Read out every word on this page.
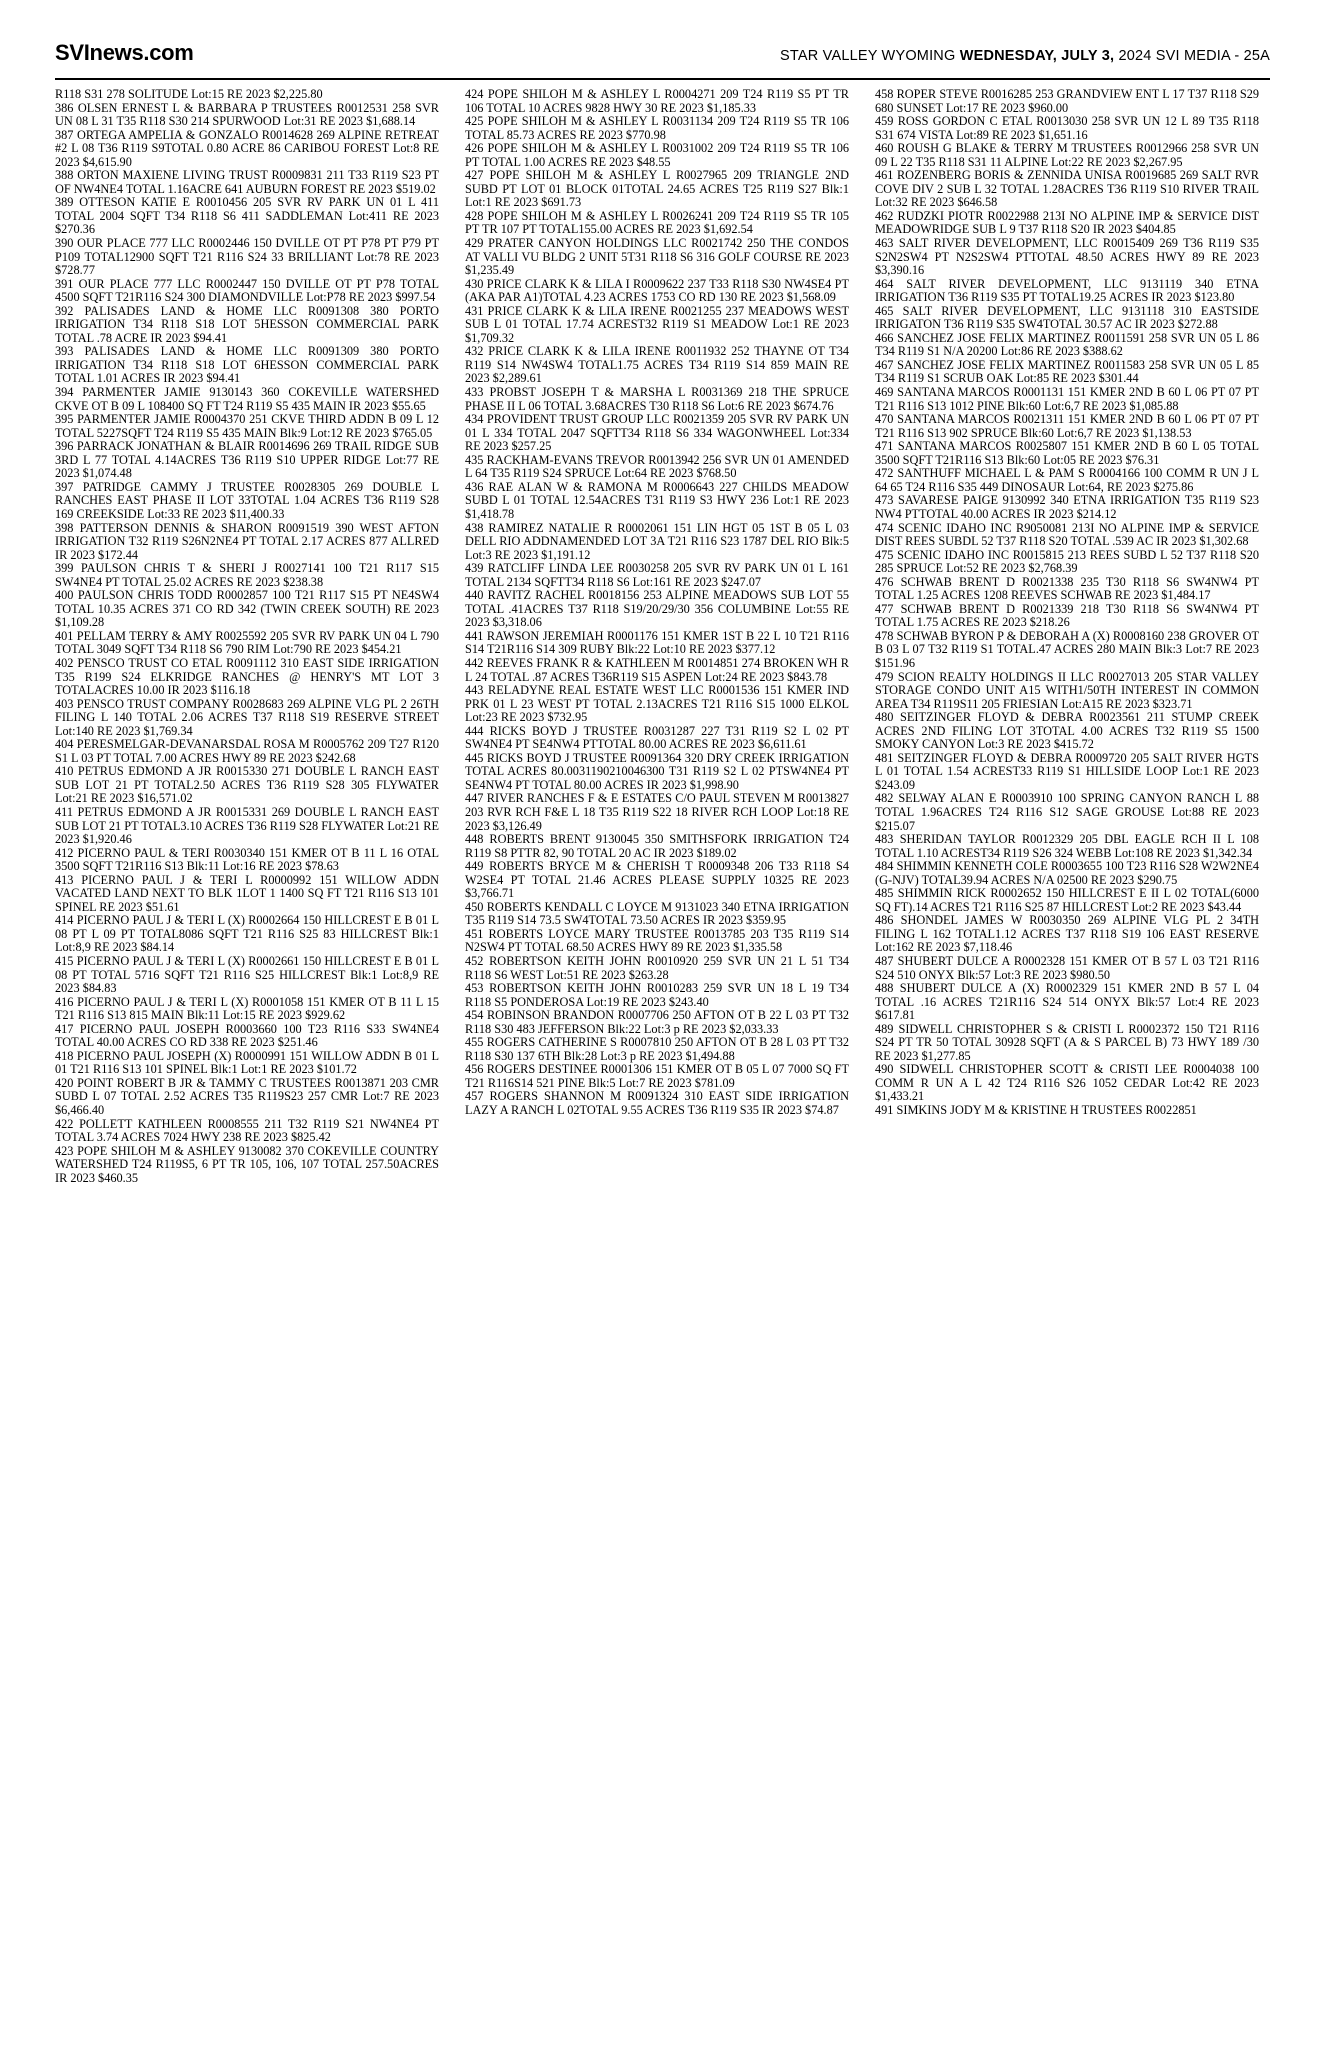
SVInews.com	STAR VALLEY WYOMING WEDNESDAY, JULY 3, 2024 SVI MEDIA - 25A

R118 S31 278 SOLITUDE Lot:15 RE 2023 $2,225.80

386 OLSEN ERNEST L & BARBARA P TRUSTEES R0012531 258 SVR UN 08 L 31 T35 R118 S30 214 SPURWOOD Lot:31 RE 2023 $1,688.14

387 ORTEGA AMPELIA & GONZALO R0014628 269 ALPINE RETREAT #2 L 08 T36 R119 S9TOTAL 0.80 ACRE 86 CARIBOU FOREST Lot:8 RE 2023 $4,615.90

388 ORTON MAXIENE LIVING TRUST R0009831 211 T33 R119 S23 PT OF NW4NE4 TOTAL 1.16ACRE 641 AUBURN FOREST RE 2023 $519.02

389 OTTESON KATIE E R0010456 205 SVR RV PARK UN 01 L 411 TOTAL 2004 SQFT T34 R118 S6 411 SADDLEMAN Lot:411 RE 2023 $270.36

390 OUR PLACE 777 LLC R0002446 150 DVILLE OT PT P78 PT P79 PT P109 TOTAL12900 SQFT T21 R116 S24 33 BRILLIANT Lot:78 RE 2023 $728.77

391 OUR PLACE 777 LLC R0002447 150 DVILLE OT PT P78 TOTAL 4500 SQFT T21R116 S24 300 DIAMONDVILLE Lot:P78 RE 2023 $997.54

392 PALISADES LAND & HOME LLC R0091308 380 PORTO IRRIGATION T34 R118 S18 LOT 5HESSON COMMERCIAL PARK TOTAL .78 ACRE IR 2023 $94.41

393 PALISADES LAND & HOME LLC R0091309 380 PORTO IRRIGATION T34 R118 S18 LOT 6HESSON COMMERCIAL PARK TOTAL 1.01 ACRES IR 2023 $94.41

394 PARMENTER JAMIE 9130143 360 COKEVILLE WATERSHED CKVE OT B 09 L 108400 SQ FT T24 R119 S5 435 MAIN IR 2023 $55.65

395 PARMENTER JAMIE R0004370 251 CKVE THIRD ADDN B 09 L 12 TOTAL 5227SQFT T24 R119 S5 435 MAIN Blk:9 Lot:12 RE 2023 $765.05

396 PARRACK JONATHAN & BLAIR R0014696 269 TRAIL RIDGE SUB 3RD L 77 TOTAL 4.14ACRES T36 R119 S10 UPPER RIDGE Lot:77 RE 2023 $1,074.48

397 PATRIDGE CAMMY J TRUSTEE R0028305 269 DOUBLE L RANCHES EAST PHASE II LOT 33TOTAL 1.04 ACRES T36 R119 S28 169 CREEKSIDE Lot:33 RE 2023 $11,400.33

398 PATTERSON DENNIS & SHARON R0091519 390 WEST AFTON IRRIGATION T32 R119 S26N2NE4 PT TOTAL 2.17 ACRES 877 ALLRED IR 2023 $172.44

399 PAULSON CHRIS T & SHERI J R0027141 100 T21 R117 S15 SW4NE4 PT TOTAL 25.02 ACRES RE 2023 $238.38

400 PAULSON CHRIS TODD R0002857 100 T21 R117 S15 PT NE4SW4 TOTAL 10.35 ACRES 371 CO RD 342 (TWIN CREEK SOUTH) RE 2023 $1,109.28

401 PELLAM TERRY & AMY R0025592 205 SVR RV PARK UN 04 L 790 TOTAL 3049 SQFT T34 R118 S6 790 RIM Lot:790 RE 2023 $454.21

402 PENSCO TRUST CO ETAL R0091112 310 EAST SIDE IRRIGATION T35 R199 S24 ELKRIDGE RANCHES @ HENRY'S MT LOT 3 TOTALACRES 10.00 IR 2023 $116.18

403 PENSCO TRUST COMPANY R0028683 269 ALPINE VLG PL 2 26TH FILING L 140 TOTAL 2.06 ACRES T37 R118 S19 RESERVE STREET Lot:140 RE 2023 $1,769.34

404 PERESMELGAR-DEVANARSDAL ROSA M R0005762 209 T27 R120 S1 L 03 PT TOTAL 7.00 ACRES HWY 89 RE 2023 $242.68

410 PETRUS EDMOND A JR R0015330 271 DOUBLE L RANCH EAST SUB LOT 21 PT TOTAL2.50 ACRES T36 R119 S28 305 FLYWATER Lot:21 RE 2023 $16,571.02

411 PETRUS EDMOND A JR R0015331 269 DOUBLE L RANCH EAST SUB LOT 21 PT TOTAL3.10 ACRES T36 R119 S28 FLYWATER Lot:21 RE 2023 $1,920.46

412 PICERNO PAUL & TERI R0030340 151 KMER OT B 11 L 16 OTAL 3500 SQFT T21R116 S13 Blk:11 Lot:16 RE 2023 $78.63

413 PICERNO PAUL J & TERI L R0000992 151 WILLOW ADDN VACATED LAND NEXT TO BLK 1LOT 1 1400 SQ FT T21 R116 S13 101 SPINEL RE 2023 $51.61

414 PICERNO PAUL J & TERI L (X) R0002664 150 HILLCREST E B 01 L 08 PT L 09 PT TOTAL8086 SQFT T21 R116 S25 83 HILLCREST Blk:1 Lot:8,9 RE 2023 $84.14

415 PICERNO PAUL J & TERI L (X) R0002661 150 HILLCREST E B 01 L 08 PT TOTAL 5716 SQFT T21 R116 S25 HILLCREST Blk:1 Lot:8,9 RE 2023 $84.83

416 PICERNO PAUL J & TERI L (X) R0001058 151 KMER OT B 11 L 15 T21 R116 S13 815 MAIN Blk:11 Lot:15 RE 2023 $929.62

417 PICERNO PAUL JOSEPH R0003660 100 T23 R116 S33 SW4NE4 TOTAL 40.00 ACRES CO RD 338 RE 2023 $251.46

418 PICERNO PAUL JOSEPH (X) R0000991 151 WILLOW ADDN B 01 L 01 T21 R116 S13 101 SPINEL Blk:1 Lot:1 RE 2023 $101.72

420 POINT ROBERT B JR & TAMMY C TRUSTEES R0013871 203 CMR SUBD L 07 TOTAL 2.52 ACRES T35 R119S23 257 CMR Lot:7 RE 2023 $6,466.40

422 POLLETT KATHLEEN R0008555 211 T32 R119 S21 NW4NE4 PT TOTAL 3.74 ACRES 7024 HWY 238 RE 2023 $825.42

423 POPE SHILOH M & ASHLEY 9130082 370 COKEVILLE COUNTRY WATERSHED T24 R119S5, 6 PT TR 105, 106, 107 TOTAL 257.50ACRES IR 2023 $460.35

424 POPE SHILOH M & ASHLEY L R0004271 209 T24 R119 S5 PT TR 106 TOTAL 10 ACRES 9828 HWY 30 RE 2023 $1,185.33

425 POPE SHILOH M & ASHLEY L R0031134 209 T24 R119 S5 TR 106 TOTAL 85.73 ACRES RE 2023 $770.98

426 POPE SHILOH M & ASHLEY L R0031002 209 T24 R119 S5 TR 106 PT TOTAL 1.00 ACRES RE 2023 $48.55

427 POPE SHILOH M & ASHLEY L R0027965 209 TRIANGLE 2ND SUBD PT LOT 01 BLOCK 01TOTAL 24.65 ACRES T25 R119 S27 Blk:1 Lot:1 RE 2023 $691.73

428 POPE SHILOH M & ASHLEY L R0026241 209 T24 R119 S5 TR 105 PT TR 107 PT TOTAL155.00 ACRES RE 2023 $1,692.54

429 PRATER CANYON HOLDINGS LLC R0021742 250 THE CONDOS AT VALLI VU BLDG 2 UNIT 5T31 R118 S6 316 GOLF COURSE RE 2023 $1,235.49

430 PRICE CLARK K & LILA I R0009622 237 T33 R118 S30 NW4SE4 PT (AKA PAR A1)TOTAL 4.23 ACRES 1753 CO RD 130 RE 2023 $1,568.09

431 PRICE CLARK K & LILA IRENE R0021255 237 MEADOWS WEST SUB L 01 TOTAL 17.74 ACREST32 R119 S1 MEADOW Lot:1 RE 2023 $1,709.32

432 PRICE CLARK K & LILA IRENE R0011932 252 THAYNE OT T34 R119 S14 NW4SW4 TOTAL1.75 ACRES T34 R119 S14 859 MAIN RE 2023 $2,289.61

433 PROBST JOSEPH T & MARSHA L R0031369 218 THE SPRUCE PHASE II L 06 TOTAL 3.68ACRES T30 R118 S6 Lot:6 RE 2023 $674.76

434 PROVIDENT TRUST GROUP LLC R0021359 205 SVR RV PARK UN 01 L 334 TOTAL 2047 SQFTT34 R118 S6 334 WAGONWHEEL Lot:334 RE 2023 $257.25

435 RACKHAM-EVANS TREVOR R0013942 256 SVR UN 01 AMENDED L 64 T35 R119 S24 SPRUCE Lot:64 RE 2023 $768.50

436 RAE ALAN W & RAMONA M R0006643 227 CHILDS MEADOW SUBD L 01 TOTAL 12.54ACRES T31 R119 S3 HWY 236 Lot:1 RE 2023 $1,418.78

438 RAMIREZ NATALIE R R0002061 151 LIN HGT 05 1ST B 05 L 03 DELL RIO ADDNAMENDED LOT 3A T21 R116 S23 1787 DEL RIO Blk:5 Lot:3 RE 2023 $1,191.12

439 RATCLIFF LINDA LEE R0030258 205 SVR RV PARK UN 01 L 161 TOTAL 2134 SQFTT34 R118 S6 Lot:161 RE 2023 $247.07

440 RAVITZ RACHEL R0018156 253 ALPINE MEADOWS SUB LOT 55 TOTAL .41ACRES T37 R118 S19/20/29/30 356 COLUMBINE Lot:55 RE 2023 $3,318.06

441 RAWSON JEREMIAH R0001176 151 KMER 1ST B 22 L 10 T21 R116 S14 T21R116 S14 309 RUBY Blk:22 Lot:10 RE 2023 $377.12

442 REEVES FRANK R & KATHLEEN M R0014851 274 BROKEN WH R L 24 TOTAL .87 ACRES T36R119 S15 ASPEN Lot:24 RE 2023 $843.78

443 RELADYNE REAL ESTATE WEST LLC R0001536 151 KMER IND PRK 01 L 23 WEST PT TOTAL 2.13ACRES T21 R116 S15 1000 ELKOL Lot:23 RE 2023 $732.95

444 RICKS BOYD J TRUSTEE R0031287 227 T31 R119 S2 L 02 PT SW4NE4 PT SE4NW4 PTTOTAL 80.00 ACRES RE 2023 $6,611.61

445 RICKS BOYD J TRUSTEE R0091364 320 DRY CREEK IRRIGATION TOTAL ACRES 80.0031190210046300 T31 R119 S2 L 02 PTSW4NE4 PT SE4NW4 PT TOTAL 80.00 ACRES IR 2023 $1,998.90

447 RIVER RANCHES F & E ESTATES C/O PAUL STEVEN M R0013827 203 RVR RCH F&E L 18 T35 R119 S22 18 RIVER RCH LOOP Lot:18 RE 2023 $3,126.49

448 ROBERTS BRENT 9130045 350 SMITHSFORK IRRIGATION T24 R119 S8 PTTR 82, 90 TOTAL 20 AC IR 2023 $189.02

449 ROBERTS BRYCE M & CHERISH T R0009348 206 T33 R118 S4 W2SE4 PT TOTAL 21.46 ACRES PLEASE SUPPLY 10325 RE 2023 $3,766.71

450 ROBERTS KENDALL C LOYCE M 9131023 340 ETNA IRRIGATION T35 R119 S14 73.5 SW4TOTAL 73.50 ACRES IR 2023 $359.95

451 ROBERTS LOYCE MARY TRUSTEE R0013785 203 T35 R119 S14 N2SW4 PT TOTAL 68.50 ACRES HWY 89 RE 2023 $1,335.58

452 ROBERTSON KEITH JOHN R0010920 259 SVR UN 21 L 51 T34 R118 S6 WEST Lot:51 RE 2023 $263.28

453 ROBERTSON KEITH JOHN R0010283 259 SVR UN 18 L 19 T34 R118 S5 PONDEROSA Lot:19 RE 2023 $243.40

454 ROBINSON BRANDON R0007706 250 AFTON OT B 22 L 03 PT T32 R118 S30 483 JEFFERSON Blk:22 Lot:3 p RE 2023 $2,033.33

455 ROGERS CATHERINE S R0007810 250 AFTON OT B 28 L 03 PT T32 R118 S30 137 6TH Blk:28 Lot:3 p RE 2023 $1,494.88

456 ROGERS DESTINEE R0001306 151 KMER OT B 05 L 07 7000 SQ FT T21 R116S14 521 PINE Blk:5 Lot:7 RE 2023 $781.09

457 ROGERS SHANNON M R0091324 310 EAST SIDE IRRIGATION LAZY A RANCH L 02TOTAL 9.55 ACRES T36 R119 S35 IR 2023 $74.87

458 ROPER STEVE R0016285 253 GRANDVIEW ENT L 17 T37 R118 S29 680 SUNSET Lot:17 RE 2023 $960.00

459 ROSS GORDON C ETAL R0013030 258 SVR UN 12 L 89 T35 R118 S31 674 VISTA Lot:89 RE 2023 $1,651.16

460 ROUSH G BLAKE & TERRY M TRUSTEES R0012966 258 SVR UN 09 L 22 T35 R118 S31 11 ALPINE Lot:22 RE 2023 $2,267.95

461 ROZENBERG BORIS & ZENNIDA UNISA R0019685 269 SALT RVR COVE DIV 2 SUB L 32 TOTAL 1.28ACRES T36 R119 S10 RIVER TRAIL Lot:32 RE 2023 $646.58

462 RUDZKI PIOTR R0022988 213I NO ALPINE IMP & SERVICE DIST MEADOWRIDGE SUB L 9 T37 R118 S20 IR 2023 $404.85

463 SALT RIVER DEVELOPMENT, LLC R0015409 269 T36 R119 S35 S2N2SW4 PT N2S2SW4 PTTOTAL 48.50 ACRES HWY 89 RE 2023 $3,390.16

464 SALT RIVER DEVELOPMENT, LLC 9131119 340 ETNA IRRIGATION T36 R119 S35 PT TOTAL19.25 ACRES IR 2023 $123.80

465 SALT RIVER DEVELOPMENT, LLC 9131118 310 EASTSIDE IRRIGATON T36 R119 S35 SW4TOTAL 30.57 AC IR 2023 $272.88

466 SANCHEZ JOSE FELIX MARTINEZ R0011591 258 SVR UN 05 L 86 T34 R119 S1 N/A 20200 Lot:86 RE 2023 $388.62

467 SANCHEZ JOSE FELIX MARTINEZ R0011583 258 SVR UN 05 L 85 T34 R119 S1 SCRUB OAK Lot:85 RE 2023 $301.44

469 SANTANA MARCOS R0001131 151 KMER 2ND B 60 L 06 PT 07 PT T21 R116 S13 1012 PINE Blk:60 Lot:6,7 RE 2023 $1,085.88

470 SANTANA MARCOS R0021311 151 KMER 2ND B 60 L 06 PT 07 PT T21 R116 S13 902 SPRUCE Blk:60 Lot:6,7 RE 2023 $1,138.53

471 SANTANA MARCOS R0025807 151 KMER 2ND B 60 L 05 TOTAL 3500 SQFT T21R116 S13 Blk:60 Lot:05 RE 2023 $76.31

472 SANTHUFF MICHAEL L & PAM S R0004166 100 COMM R UN J L 64 65 T24 R116 S35 449 DINOSAUR Lot:64, RE 2023 $275.86

473 SAVARESE PAIGE 9130992 340 ETNA IRRIGATION T35 R119 S23 NW4 PTTOTAL 40.00 ACRES IR 2023 $214.12

474 SCENIC IDAHO INC R9050081 213I NO ALPINE IMP & SERVICE DIST REES SUBDL 52 T37 R118 S20 TOTAL .539 AC IR 2023 $1,302.68

475 SCENIC IDAHO INC R0015815 213 REES SUBD L 52 T37 R118 S20 285 SPRUCE Lot:52 RE 2023 $2,768.39

476 SCHWAB BRENT D R0021338 235 T30 R118 S6 SW4NW4 PT TOTAL 1.25 ACRES 1208 REEVES SCHWAB RE 2023 $1,484.17

477 SCHWAB BRENT D R0021339 218 T30 R118 S6 SW4NW4 PT TOTAL 1.75 ACRES RE 2023 $218.26

478 SCHWAB BYRON P & DEBORAH A (X) R0008160 238 GROVER OT B 03 L 07 T32 R119 S1 TOTAL.47 ACRES 280 MAIN Blk:3 Lot:7 RE 2023 $151.96

479 SCION REALTY HOLDINGS II LLC R0027013 205 STAR VALLEY STORAGE CONDO UNIT A15 WITH1/50TH INTEREST IN COMMON AREA T34 R119S11 205 FRIESIAN Lot:A15 RE 2023 $323.71

480 SEITZINGER FLOYD & DEBRA R0023561 211 STUMP CREEK ACRES 2ND FILING LOT 3TOTAL 4.00 ACRES T32 R119 S5 1500 SMOKY CANYON Lot:3 RE 2023 $415.72

481 SEITZINGER FLOYD & DEBRA R0009720 205 SALT RIVER HGTS L 01 TOTAL 1.54 ACREST33 R119 S1 HILLSIDE LOOP Lot:1 RE 2023 $243.09

482 SELWAY ALAN E R0003910 100 SPRING CANYON RANCH L 88 TOTAL 1.96ACRES T24 R116 S12 SAGE GROUSE Lot:88 RE 2023 $215.07

483 SHERIDAN TAYLOR R0012329 205 DBL EAGLE RCH II L 108 TOTAL 1.10 ACREST34 R119 S26 324 WEBB Lot:108 RE 2023 $1,342.34

484 SHIMMIN KENNETH COLE R0003655 100 T23 R116 S28 W2W2NE4 (G-NJV) TOTAL39.94 ACRES N/A 02500 RE 2023 $290.75

485 SHIMMIN RICK R0002652 150 HILLCREST E II L 02 TOTAL(6000 SQ FT).14 ACRES T21 R116 S25 87 HILLCREST Lot:2 RE 2023 $43.44

486 SHONDEL JAMES W R0030350 269 ALPINE VLG PL 2 34TH FILING L 162 TOTAL1.12 ACRES T37 R118 S19 106 EAST RESERVE Lot:162 RE 2023 $7,118.46

487 SHUBERT DULCE A R0002328 151 KMER OT B 57 L 03 T21 R116 S24 510 ONYX Blk:57 Lot:3 RE 2023 $980.50

488 SHUBERT DULCE A (X) R0002329 151 KMER 2ND B 57 L 04 TOTAL .16 ACRES T21R116 S24 514 ONYX Blk:57 Lot:4 RE 2023 $617.81

489 SIDWELL CHRISTOPHER S & CRISTI L R0002372 150 T21 R116 S24 PT TR 50 TOTAL 30928 SQFT (A & S PARCEL B) 73 HWY 189 /30 RE 2023 $1,277.85

490 SIDWELL CHRISTOPHER SCOTT & CRISTI LEE R0004038 100 COMM R UN A L 42 T24 R116 S26 1052 CEDAR Lot:42 RE 2023 $1,433.21

491 SIMKINS JODY M & KRISTINE H TRUSTEES R0022851
